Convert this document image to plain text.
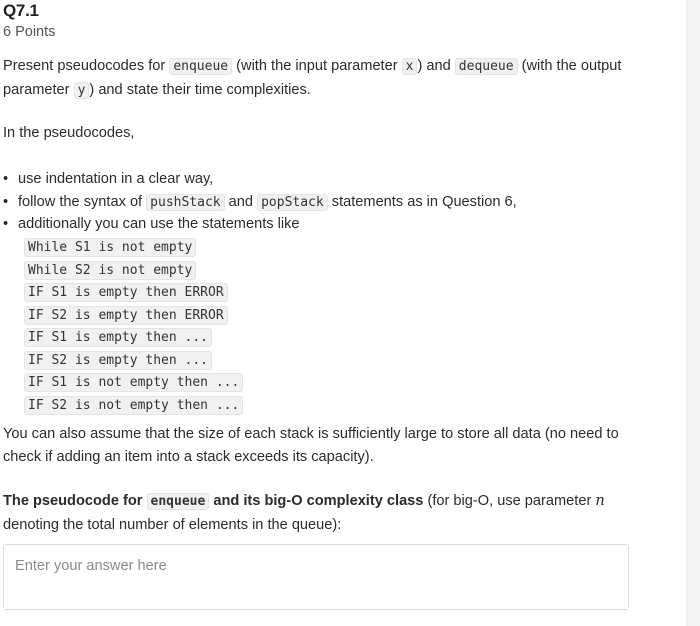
Q7.1
6 Points
Present pseudocodes for enqueue (with the input parameter x ) and dequeue (with the output parameter y ) and state their time complexities.
In the pseudocodes,
• use indentation in a clear way,
• follow the syntax of pushStack and popStack statements as in Question 6,
• additionally you can use the statements like
While S1 is not empty
While S2 is not empty
IF S1 is empty then ERROR
IF S2 is empty then ERROR
IF S1 is empty then ...
IF S2 is empty then ...
IF S1 is not empty then ...
IF S2 is not empty then ...
You can also assume that the size of each stack is sufficiently large to store all data (no need to check if adding an item into a stack exceeds its capacity).
The pseudocode for enqueue and its big-O complexity class (for big-O, use parameter n denoting the total number of elements in the queue):
Enter your answer here
